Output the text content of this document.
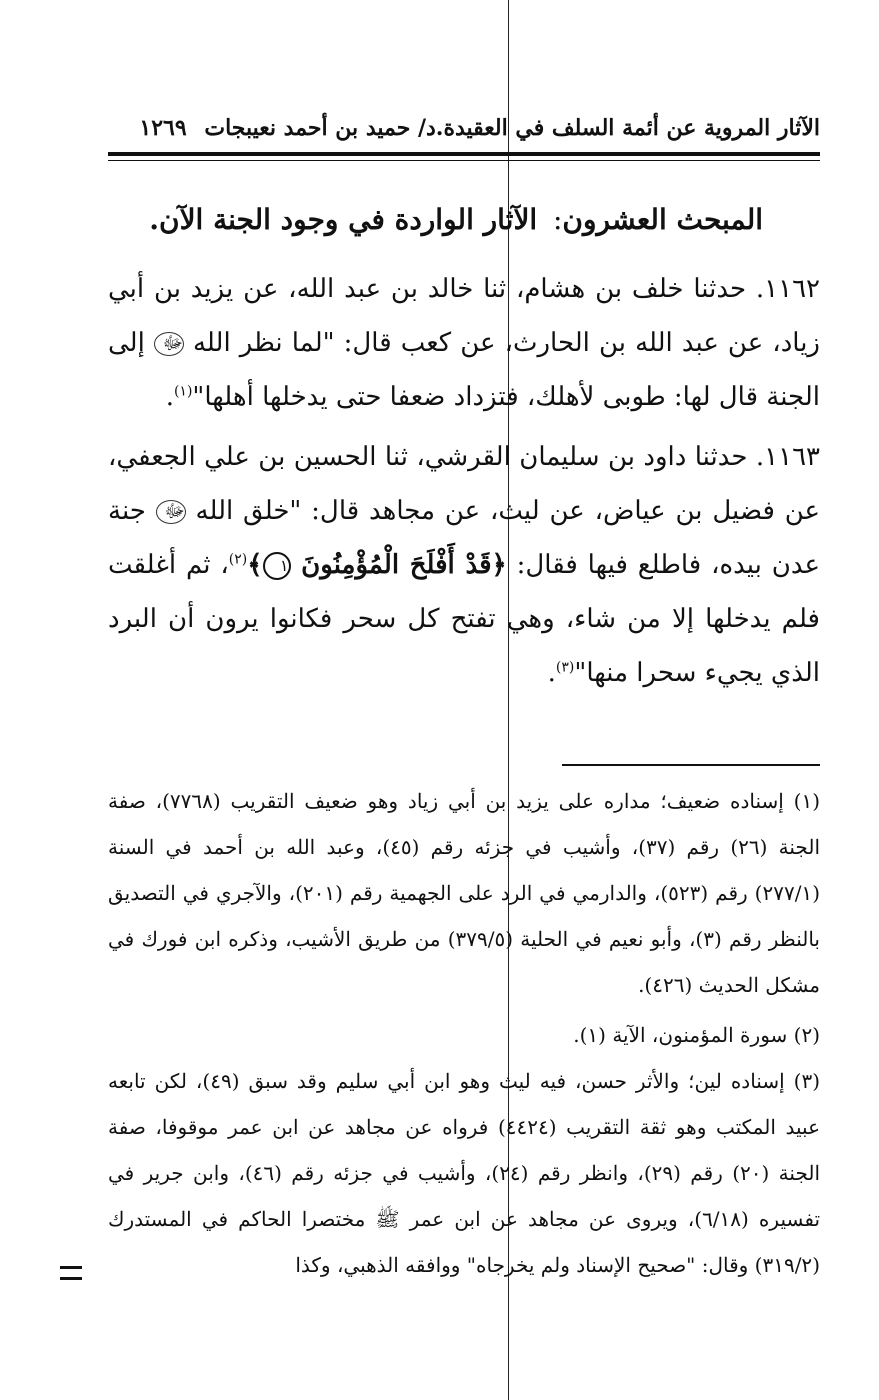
الآثار المروية عن أئمة السلف في العقيدة.د/ حميد بن أحمد نعيبجات ١٢٦٩
المبحث العشرون: الآثار الواردة في وجود الجنة الآن.
١١٦٢. حدثنا خلف بن هشام، ثنا خالد بن عبد الله، عن يزيد بن أبي زياد، عن عبد الله بن الحارث، عن كعب قال: "لما نظر الله ﷻ إلى الجنة قال لها: طوبى لأهلك، فتزداد ضعفا حتى يدخلها أهلها"$^{(١)}$.
١١٦٣. حدثنا داود بن سليمان القرشي، ثنا الحسين بن علي الجعفي، عن فضيل بن عياض، عن ليث، عن مجاهد قال: "خلق الله ﷻ جنة عدن بيده، فاطلع فيها فقال: ﴿قَدْ أَفْلَحَ الْمُؤْمِنُونَ ١﴾$^{(٢)}$، ثم أغلقت فلم يدخلها إلا من شاء، وهي تفتح كل سحر فكانوا يرون أن البرد الذي يجيء سحرا منها"$^{(٣)}$.
(١) إسناده ضعيف؛ مداره على يزيد بن أبي زياد وهو ضعيف التقريب (٧٧٦٨)، صفة الجنة (٢٦) رقم (٣٧)، وأشيب في جزئه رقم (٤٥)، وعبد الله بن أحمد في السنة (٢٧٧/١) رقم (٥٢٣)، والدارمي في الرد على الجهمية رقم (٢٠١)، والآجري في التصديق بالنظر رقم (٣)، وأبو نعيم في الحلية (٣٧٩/٥) من طريق الأشيب، وذكره ابن فورك في مشكل الحديث (٤٢٦).
(٢) سورة المؤمنون، الآية (١).
(٣) إسناده لين؛ والأثر حسن، فيه ليث وهو ابن أبي سليم وقد سبق (٤٩)، لكن تابعه عبيد المكتب وهو ثقة التقريب (٤٤٢٤) فرواه عن مجاهد عن ابن عمر موقوفا، صفة الجنة (٢٠) رقم (٢٩)، وانظر رقم (٢٤)، وأشيب في جزئه رقم (٤٦)، وابن جرير في تفسيره (٦/١٨)، ويروى عن مجاهد عن ابن عمر ﷺ مختصرا الحاكم في المستدرك (٣١٩/٢) وقال: "صحيح الإسناد ولم يخرجاه" ووافقه الذهبي، وكذا
